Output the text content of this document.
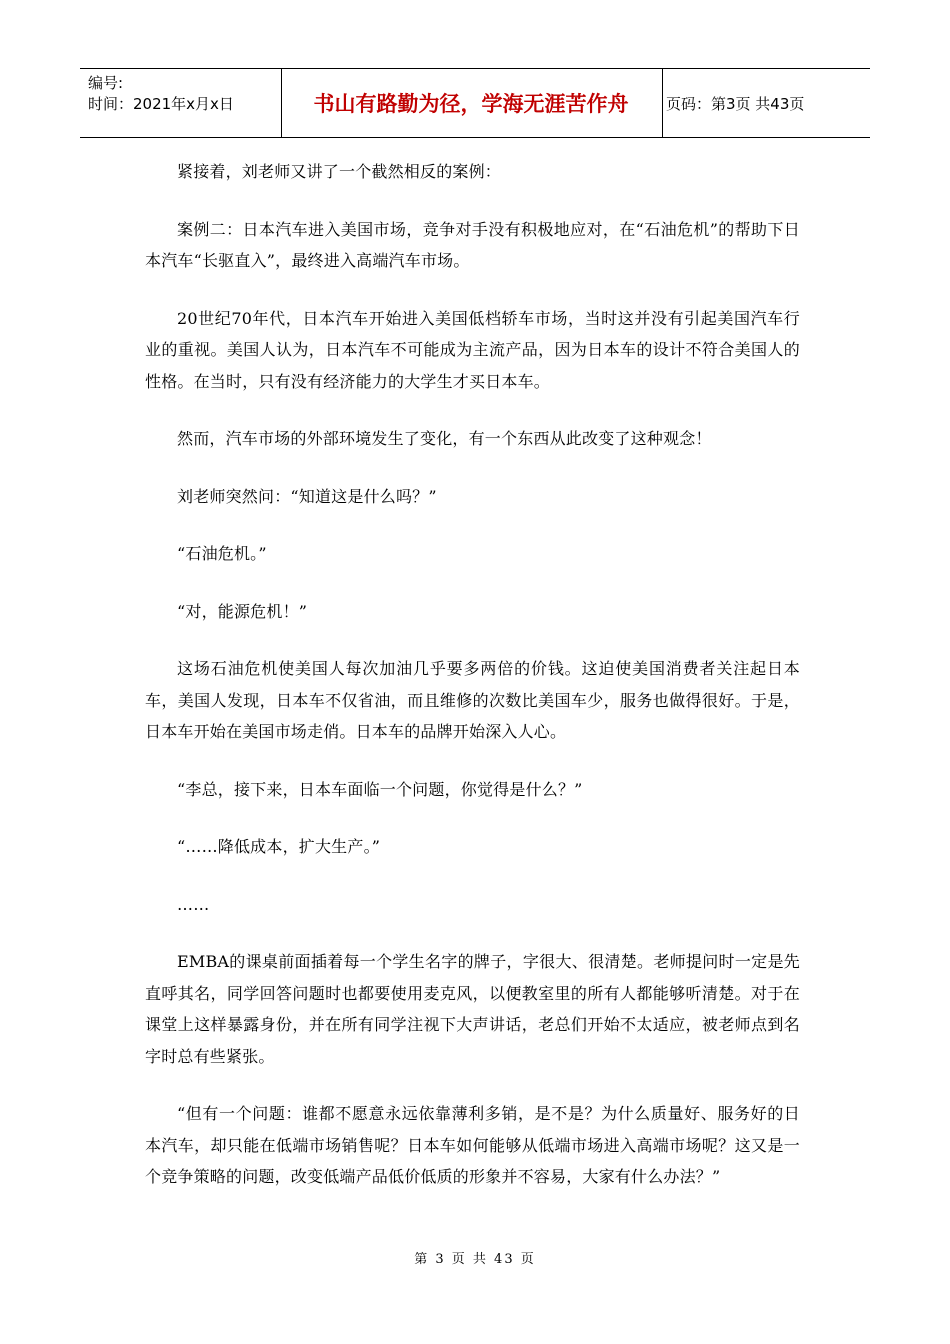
编号:
时间：2021年x月x日	书山有路勤为径，学海无涯苦作舟	页码：第3页 共43页

紧接着，刘老师又讲了一个截然相反的案例：

案例二：日本汽车进入美国市场，竞争对手没有积极地应对，在“石油危机”的帮助下日本汽车“长驱直入”，最终进入高端汽车市场。

20世纪70年代，日本汽车开始进入美国低档轿车市场，当时这并没有引起美国汽车行业的重视。美国人认为，日本汽车不可能成为主流产品，因为日本车的设计不符合美国人的性格。在当时，只有没有经济能力的大学生才买日本车。

然而，汽车市场的外部环境发生了变化，有一个东西从此改变了这种观念！

刘老师突然问：“知道这是什么吗？”

“石油危机。”

“对，能源危机！”

这场石油危机使美国人每次加油几乎要多两倍的价钱。这迫使美国消费者关注起日本车，美国人发现，日本车不仅省油，而且维修的次数比美国车少，服务也做得很好。于是，日本车开始在美国市场走俏。日本车的品牌开始深入人心。

“李总，接下来，日本车面临一个问题，你觉得是什么？”

“……降低成本，扩大生产。”

……

EMBA的课桌前面插着每一个学生名字的牌子，字很大、很清楚。老师提问时一定是先直呼其名，同学回答问题时也都要使用麦克风，以便教室里的所有人都能够听清楚。对于在课堂上这样暴露身份，并在所有同学注视下大声讲话，老总们开始不太适应，被老师点到名字时总有些紧张。

“但有一个问题：谁都不愿意永远依靠薄利多销，是不是？为什么质量好、服务好的日本汽车，却只能在低端市场销售呢？日本车如何能够从低端市场进入高端市场呢？这又是一个竞争策略的问题，改变低端产品低价低质的形象并不容易，大家有什么办法？”

第 3 页 共 43 页
